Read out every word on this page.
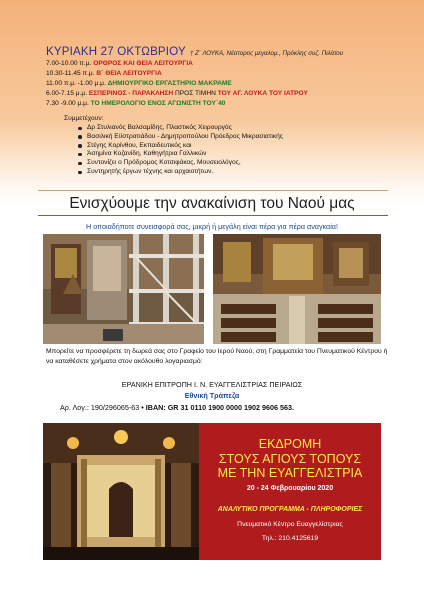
ΚΥΡΙΑΚΗ 27 ΟΚΤΩΒΡΙΟΥ † Ζ΄ ΛΟΥΚΑ, Νέστορος μεγαλομ., Πρόκλης συζ. Πιλάτου
7.00-10.00 π.μ. ΟΡΘΡΟΣ ΚΑΙ ΘΕΙΑ ΛΕΙΤΟΥΡΓΙΑ
10.30-11.45 π.μ. Β΄ ΘΕΙΑ ΛΕΙΤΟΥΡΓΙΑ
11.00 π.μ. -1.00 μ.μ. ΔΗΜΙΟΥΡΓΙΚΟ ΕΡΓΑΣΤΗΡΙΟ ΜΑΚΡΑΜΕ
6.00-7.15 μ.μ. ΕΣΠΕΡΙΝΟΣ - ΠΑΡΑΚΛΗΣΗ ΠΡΟΣ ΤΙΜΗΝ ΤΟΥ ΑΓ. ΛΟΥΚΑ ΤΟΥ ΙΑΤΡΟΥ
7.30 -9.00 μ.μ. ΤΟ ΗΜΕΡΟΛΟΓΙΟ ΕΝΟΣ ΑΓΩΝΙΣΤΗ ΤΟΥ΄40
Συμμετέχουν:
Δρ Στυλιανός Βαλσαμίδης, Πλαστικός Χειρουργός
Βασιλική Εϋστρατιάδου - Δημητροπούλου Πρόεδρος Μικρασιατικής
Στέγης Κορίνθου, Εκπαιδευτικός και
Άσημίνα Κοζανίδη, Καθηγήτρια Γαλλικών
Συντονίζει ο Πρόδρομος Κοτσιφάκος, Μουσειολόγος,
Συντηρητής έργων τέχνης και αρχαιοτήτων.
Ενισχύουμε την ανακαίνιση του Ναού μας
Η οποιαδήποτε συνεισφορά σας, μικρή ή μεγάλη είναι πέρα για πέρα αναγκαία!
Μπορείτε να προσφέρετε τη δωρεά σας στο Γραφείο του Ιερού Ναού, στη Γραμματεία του Πνευματικού Κέντρου ή να καταθέσετε χρήματα στον ακόλουθο λογαριασμό:
ΕΡΑΝΙΚΗ ΕΠΙΤΡΟΠΗ Ι. Ν. ΕΥΑΓΓΕΛΙΣΤΡΙΑΣ ΠΕΙΡΑΙΩΣ
Εθνική Τράπεζα
Αρ. Λογ.: 190/296065-63 • IBAN: GR 31 0110 1900 0000 1902 9606 563.
ΕΚΔΡΟΜΗ
ΣΤΟΥΣ ΑΓΙΟΥΣ ΤΟΠΟΥΣ
ΜΕ ΤΗΝ ΕΥΑΓΓΕΛΙΣΤΡΙΑ
20 - 24 Φεβρουαρίου 2020
ΑΝΑΛΥΤΙΚΟ ΠΡΟΓΡΑΜΜΑ - ΠΛΗΡΟΦΟΡΙΕΣ
Πνευματικό Κέντρο Ευαγγελίστριας
Τηλ.: 210.4125619
